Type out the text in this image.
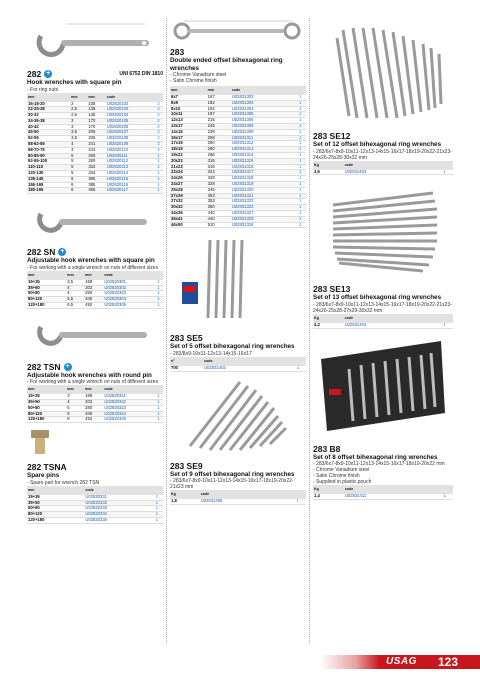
282 +	UNI 6752 DIN 1810
Hook wrenches with square pin
- For ring nuts
mm	mm	mm	code	
16-18-20	2	108	U02820102	2
22-25-28	2,5	135	U02820103	2
30-32	2,5	135	U02820104	2
34-36-38	3	170	U02820105	2
40-42	3	170	U02820106	2
45-50	3,5	206	U02820107	2
52-55	3,5	206	U02820108	2
58-62-65	4	241	U02820109	2
68-70-75	4	241	U02820110	2
80-85-90	5	260	U02820111	1
92-95-100	5	260	U02820112	1
110-115	5	334	U02820113	1
120-130	5	334	U02820114	1
135-145	6	385	U02820115	1
155-165	6	385	U02820116	1
180-195	6	466	U02820117	1
282 SN +
Adjustable hook wrenches with square pin
- For working with a single wrench on nuts of different sizes
mm	mm	mm	code	
15+35	3,5	168	U02820301	1
35+60	4	202	U02820302	1
50+80	4	250	U02820303	1
80+120	5,5	345	U02820304	1
120+180	6,5	492	U02820305	1
282 TSN +
Adjustable hook wrenches with round pin
- For working with a single wrench on nuts of different sizes
mm	mm	mm	code	
15+35	3	168	U02820321	1
35+50	4	202	U02820322	1
50+80	5	280	U02820323	1
80+120	6	345	U02820324	1
120+180	8	492	U02820325	1
282 TSNA
Spare pins
- Spare part for wrench 282 TSN
mm		code	
15+35		U02820331	1
35+50		U02820332	1
50+80		U02820333	1
80+120		U02820334	1
120+180		U02820335	1
283
Double ended offset bihexagonal ring wrenches
- Chrome Vanadium steel
- Satin Chrome finish
mm	mm	code	
6x7	167	U02831302	1
8x9	182	U02831303	1
8x10	182	U02831304	1
10x11	197	U02831305	1
12x13	215	U02831306	1
13x17	245	U02831308	1
14x15	238	U02831309	1
16x17	258	U02831311	1
17x19	290	U02831312	1
18x19	290	U02831313	1
19x22	296	U02831314	1
20x22	316	U02831315	1
21x23	316	U02831316	1
22x24	324	U02831317	1
24x26	328	U02831318	1
24x27	328	U02831319	1
25x28	345	U02831320	1
27x29	353	U02831321	1
27x32	353	U02831323	1
30x32	360	U02831324	1
34x36	440	U02831327	1
36x41	440	U02831329	1
46x50	510	U02831334	1
283 SE5
Set of 5 offset bihexagonal ring wrenches
- 283/8x9-10x11-12x13-14x15-16x17
n°	code	
700	U02831402	1
283 SE9
Set of 9 offset bihexagonal ring wrenches
- 283/6x7-8x9-10x11-12x13-14x15-16x17-18x19-20x22-21x23 mm
Kg	code	
1,8	U02831405	1
283 SE12
Set of 12 offset bihexagonal ring wrenches
- 283/6x7-8x9-10x11-12x13-14x15-16x17-18x19-20x22-21x23-24x26-25x28-30x32 mm
Kg	code	
3,6	U02831403	1
283 SE13
Set of 13 offset bihexagonal ring wrenches
- 283/6x7-8x9-10x11-12x13-14x15-16x17-18x19-20x22-21x23-24x26-25x28-27x29-30x32 mm
Kg	code	
4,2	U02831404	1
283 B8
Set of 8 offset bihexagonal ring wrenches
- 283/6x7-8x9-10x11-12x13-14x15-16x17-18x19-20x22 mm
- Chrome Vanadium steel
- Satin Chrome finish
- Supplied in plastic pouch
Kg	code	
1,4	U02831411	1
USAG 123
